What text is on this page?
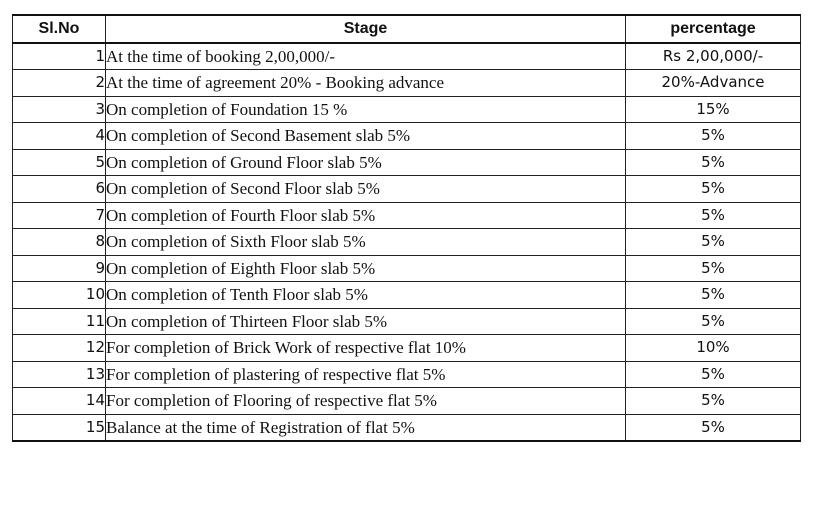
Sl.No	Stage	percentage
1	At the time of booking 2,00,000/-	Rs 2,00,000/-
2	At the time of agreement 20% - Booking advance	20%-Advance
3	On completion of Foundation 15 %	15%
4	On completion of Second Basement slab 5%	5%
5	On completion of Ground Floor slab 5%	5%
6	On completion of Second Floor slab 5%	5%
7	On completion of Fourth Floor slab 5%	5%
8	On completion of Sixth Floor slab 5%	5%
9	On completion of Eighth Floor slab 5%	5%
10	On completion of Tenth Floor slab 5%	5%
11	On completion of Thirteen Floor slab 5%	5%
12	For completion of Brick Work of respective flat 10%	10%
13	For completion of plastering of respective flat 5%	5%
14	For completion of Flooring of respective flat 5%	5%
15	Balance at the time of Registration of flat 5%	5%
